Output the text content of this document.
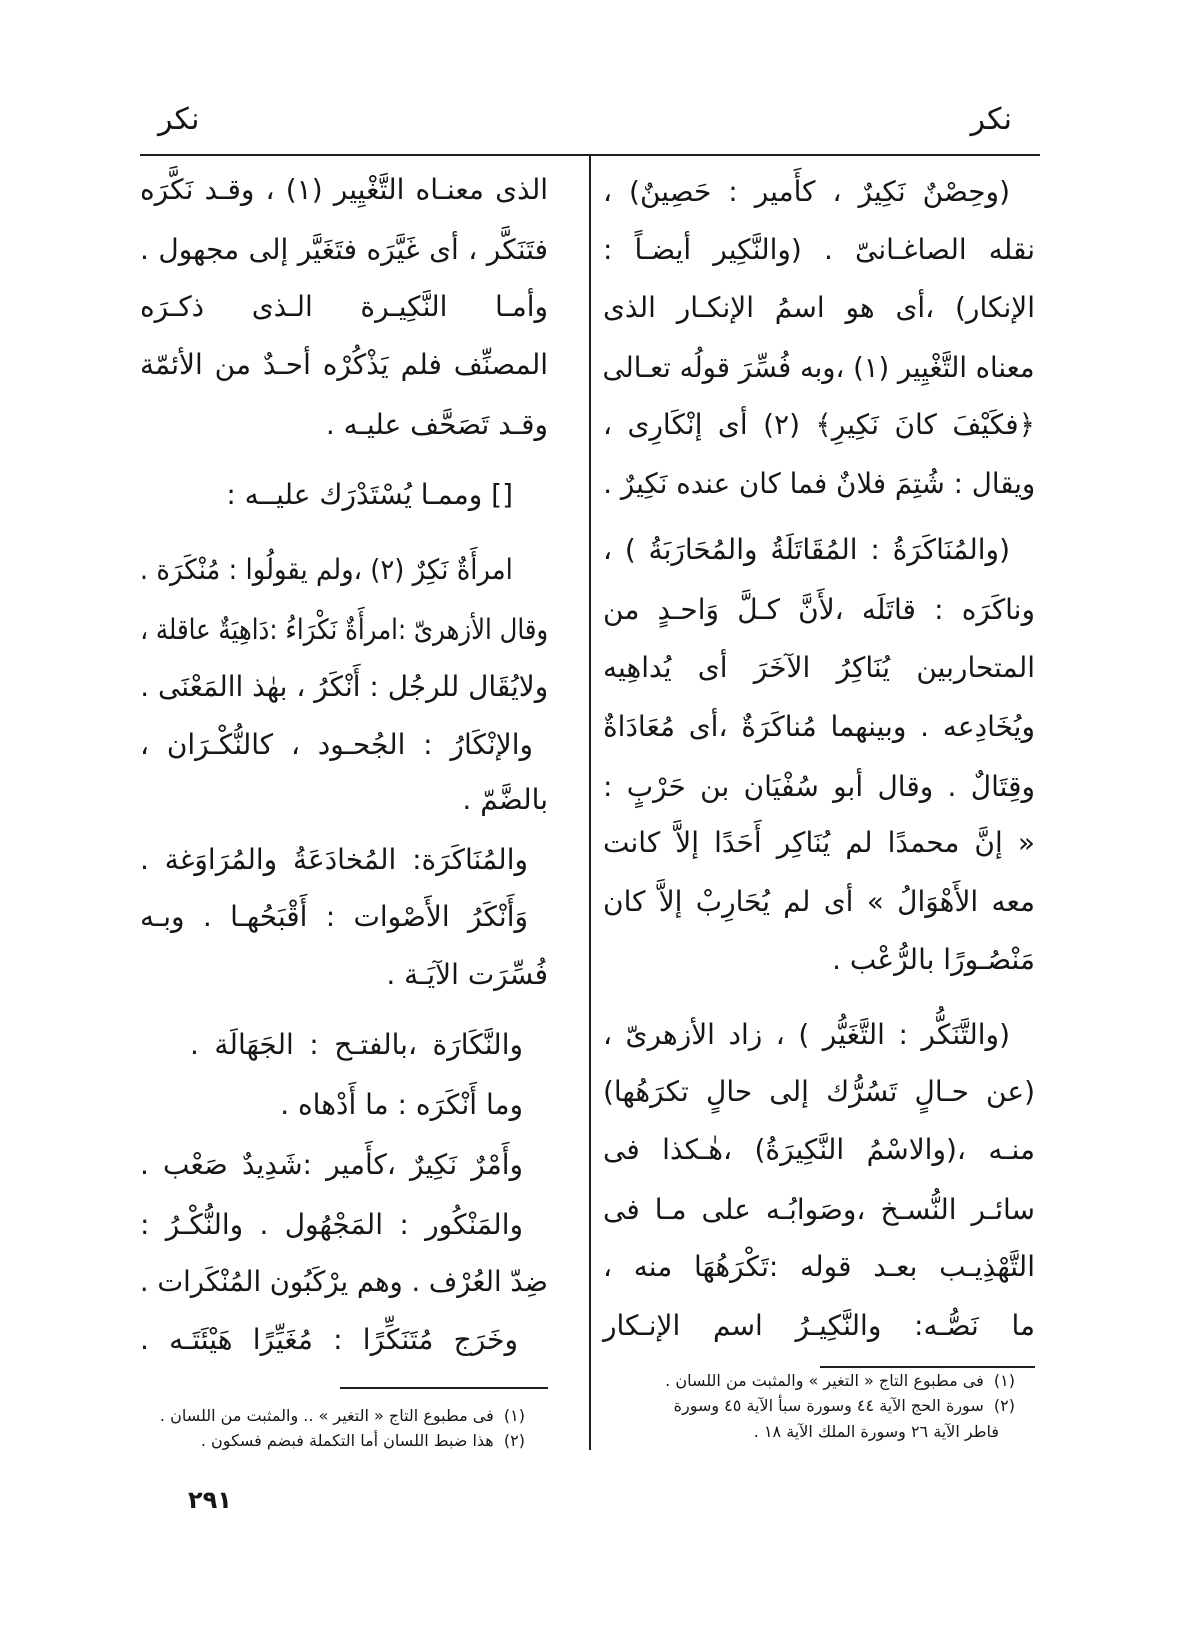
نكر
نكر
(وحِصْنٌ نَكِيرٌ ، كأَمير : حَصِينٌ) ،
نقله الصاغـانىّ . (والنَّكِير أيضـاً :
الإنكار) ،أى هو اسمُ الإنكـار الذى
معناه التَّغْيِير (١) ،وبه فُسِّرَ قولُه تعـالى
﴿فكَيْفَ كانَ نَكِيرِ﴾ (٢) أى إنْكَارِى ،
ويقال : شُتِمَ فلانٌ فما كان عنده نَكِيرٌ .
(والمُنَاكَرَةُ : المُقَاتَلَةُ والمُحَارَبَةُ ) ،
وناكَرَه : قاتَلَه ،لأَنَّ كـلَّ وَاحـدٍ من
المتحاربين يُنَاكِرُ الآخَرَ أى يُداهِيه
ويُخَادِعه . وبينهما مُناكَرَةٌ ،أى مُعَادَاةٌ
وقِتَالٌ . وقال أبو سُفْيَان بن حَرْبٍ :
« إنَّ محمدًا لم يُنَاكِر أَحَدًا إلاَّ كانت
معه الأَهْوَالُ » أى لم يُحَارِبْ إلاَّ كان
مَنْصُـورًا بالرُّعْب .
(والتَّنَكُّر : التَّغَيُّر ) ، زاد الأزهرىّ ،
(عن حـالٍ تَسُرُّك إلى حالٍ تكرَهُها)
منـه ،(والاسْمُ النَّكِيرَةُ) ،هٰـكذا فى
سائـر النُّسـخ ،وصَوابُـه على مـا فى
التَّهْذِيـب بعـد قوله :تَكْرَهُهَا منه ،
ما نَصُّـه: والنَّكِيـرُ اسم الإنـكار
(١)  فى مطبوع التاج « التغير » والمثبت من اللسان .
(٢)  سورة الحج الآية ٤٤ وسورة سبأ الآية ٤٥ وسورة
فاطر الآية ٢٦ وسورة الملك الآية ١٨ .
الذى معنـاه التَّغْيِير (١) ، وقـد نَكَّرَه
فتَنَكَّر ، أى غَيَّرَه فتَغَيَّر إلى مجهول .
وأمـا النَّكِيـرة الـذى ذكـرَه
المصنِّف فلم يَذْكُرْه أحـدٌ من الأئمّة
وقـد تَصَحَّف عليـه .
[] وممـا يُسْتَدْرَك عليــه :
امرأَةٌ نَكِرٌ (٢) ،ولم يقولُوا : مُنْكَرَة .
وقال الأزهرىّ :امرأَةٌ نَكْرَاءُ :دَاهِيَةٌ عاقلة ،
ولايُقَال للرجُل : أَنْكَرُ ، بهٰذ االمَعْنَى .
والإنْكَارُ : الجُحـود ، كالنُّكْـرَان ،
بالضَّمّ .
والمُنَاكَرَة: المُخادَعَةُ والمُرَاوَغة .
وَأَنْكَرُ الأَصْوات : أَقْبَحُهـا . وبـه
فُسِّرَت الآيَـة .
والنَّكَارَة ،بالفتـح : الجَهَالَة .
وما أَنْكَرَه : ما أَدْهاه .
وأَمْرٌ نَكِيرٌ ،كأَمير :شَدِيدٌ صَعْب .
والمَنْكُور : المَجْهُول . والنُّكْـرُ :
ضِدّ العُرْف . وهم يرْكَبُون المُنْكَرات .
وخَرَج مُتَنَكِّرًا : مُغَيِّرًا هَيْئَتَـه .
(١)  فى مطبوع التاج « التغير » .. والمثبت من اللسان .
(٢)  هذا ضبط اللسان أما التكملة فبضم فسكون .
٢٩١
